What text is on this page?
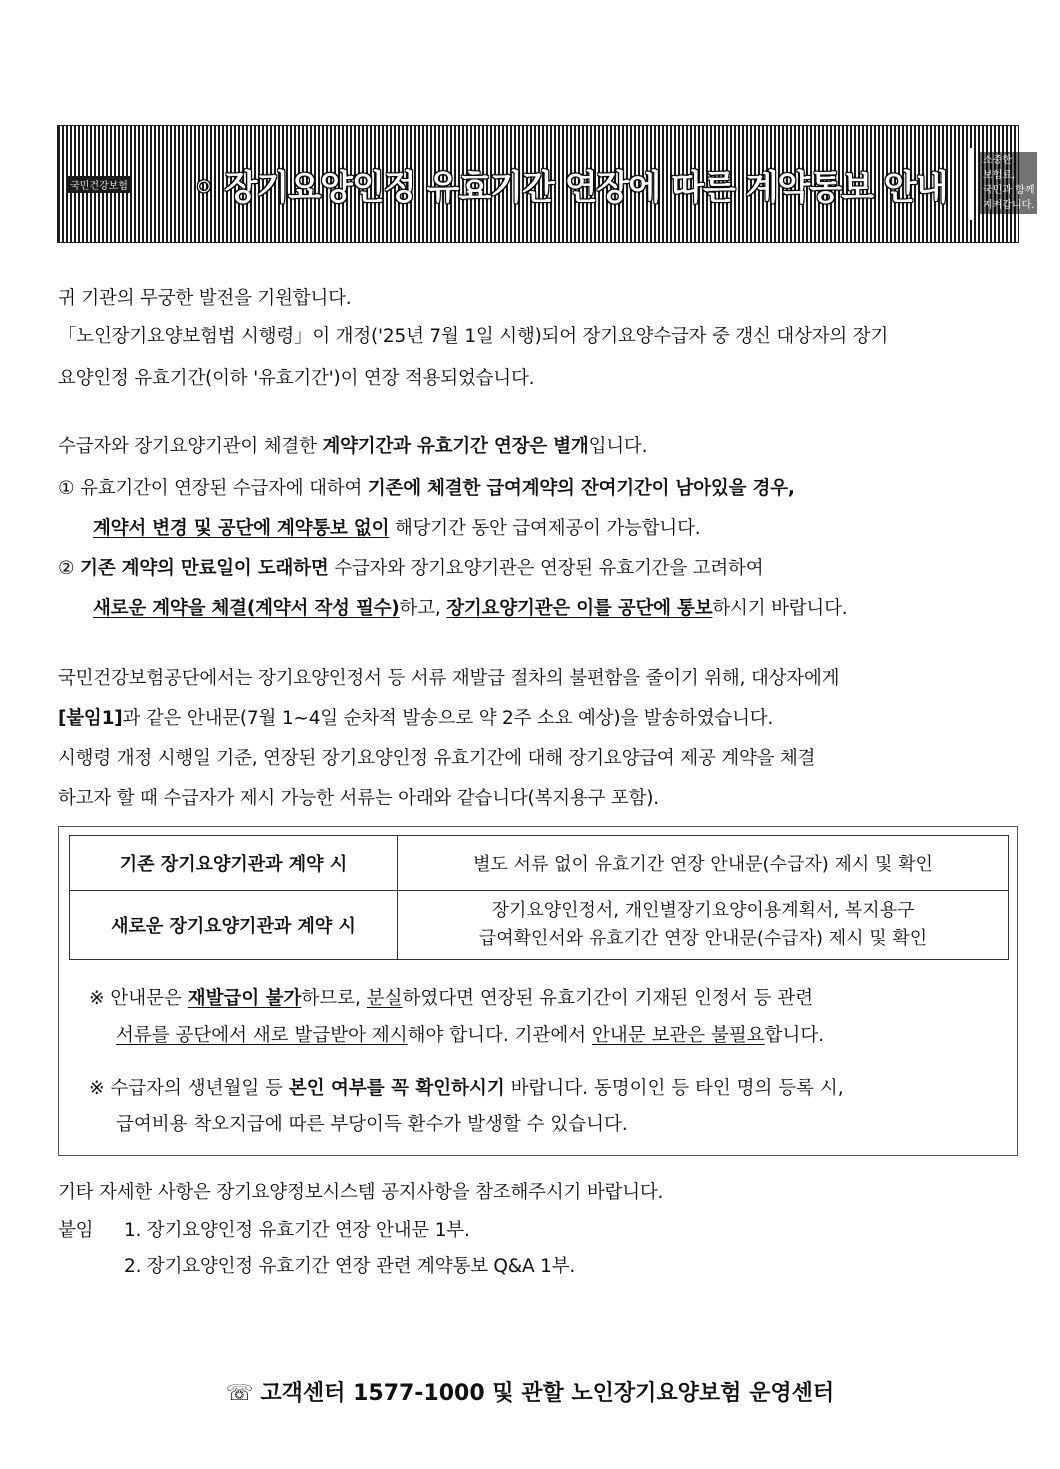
국민건강보험 ◦ 장기요양인정 유효기간 연장에 따른 계약통보 안내
소중한
보험료,
국민과 함께
지켜갑니다.
귀 기관의 무궁한 발전을 기원합니다.
「노인장기요양보험법 시행령」이 개정('25년 7월 1일 시행)되어 장기요양수급자 중 갱신 대상자의 장기
요양인정 유효기간(이하 '유효기간')이 연장 적용되었습니다.
수급자와 장기요양기관이 체결한 계약기간과 유효기간 연장은 별개입니다.
① 유효기간이 연장된 수급자에 대하여 기존에 체결한 급여계약의 잔여기간이 남아있을 경우,
계약서 변경 및 공단에 계약통보 없이 해당기간 동안 급여제공이 가능합니다.
② 기존 계약의 만료일이 도래하면 수급자와 장기요양기관은 연장된 유효기간을 고려하여
새로운 계약을 체결(계약서 작성 필수)하고, 장기요양기관은 이를 공단에 통보하시기 바랍니다.
국민건강보험공단에서는 장기요양인정서 등 서류 재발급 절차의 불편함을 줄이기 위해, 대상자에게
[붙임1]과 같은 안내문(7월 1~4일 순차적 발송으로 약 2주 소요 예상)을 발송하였습니다.
시행령 개정 시행일 기준, 연장된 장기요양인정 유효기간에 대해 장기요양급여 제공 계약을 체결
하고자 할 때 수급자가 제시 가능한 서류는 아래와 같습니다(복지용구 포함).
기존 장기요양기관과 계약 시	별도 서류 없이 유효기간 연장 안내문(수급자) 제시 및 확인
새로운 장기요양기관과 계약 시	장기요양인정서, 개인별장기요양이용계획서, 복지용구
급여확인서와 유효기간 연장 안내문(수급자) 제시 및 확인
※ 안내문은 재발급이 불가하므로, 분실하였다면 연장된 유효기간이 기재된 인정서 등 관련
서류를 공단에서 새로 발급받아 제시해야 합니다. 기관에서 안내문 보관은 불필요합니다.
※ 수급자의 생년월일 등 본인 여부를 꼭 확인하시기 바랍니다. 동명이인 등 타인 명의 등록 시,
급여비용 착오지급에 따른 부당이득 환수가 발생할 수 있습니다.
기타 자세한 사항은 장기요양정보시스템 공지사항을 참조해주시기 바랍니다.
붙임 1. 장기요양인정 유효기간 연장 안내문 1부.
2. 장기요양인정 유효기간 연장 관련 계약통보 Q&A 1부.
☏ 고객센터 1577-1000 및 관할 노인장기요양보험 운영센터
